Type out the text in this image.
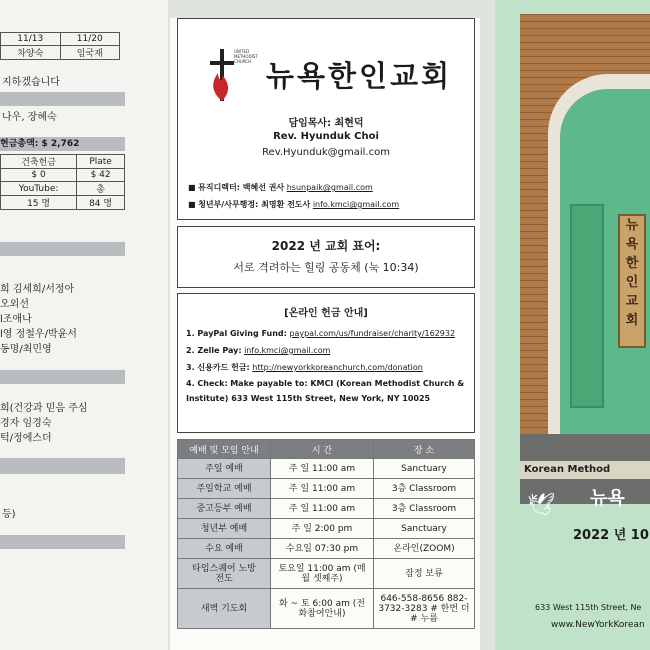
11/13	11/20
차양숙	임국재
지하겠습니다
나우, 장혜숙
현금총액: $ 2,762
건축헌금	Plate
$ 0	$ 42
YouTube:	총
15 명	84 명
희 김세희/서정아
오외선
l조애나
l영 정철우/박윤서
동명/최민영
희(건강과 믿음 주심
경자 임경숙
턱/정에스더
등)
UNITED METHODIST CHURCH 뉴욕한인교회
담임목사: 최현덕
Rev. Hyunduk Choi
Rev.Hyunduk@gmail.com
■ 뮤직디렉터: 백혜선 권사 hsunpaik@gmail.com
■ 청년부/사무행정: 최명환 전도사 info.kmci@gmail.com
2022 년 교회 표어:
서로 격려하는 힐링 공동체 (눅 10:34)
[온라인 헌금 안내]
1. PayPal Giving Fund: paypal.com/us/fundraiser/charity/162932
2. Zelle Pay: info.kmci@gmail.com
3. 신용카드 헌금: http://newyorkkoreanchurch.com/donation
4. Check: Make payable to: KMCI (Korean Methodist Church & Institute) 633 West 115th Street, New York, NY 10025
예배 및 모임 안내	시 간	장 소
주일 예배	주 일 11:00 am	Sanctuary
주일학교 예배	주 일 11:00 am	3층 Classroom
중고등부 예배	주 일 11:00 am	3층 Classroom
청년부 예배	주 일 2:00 pm	Sanctuary
수요 예배	수요일 07:30 pm	온라인(ZOOM)
타임스퀘어 노방전도	토요일 11:00 am (매월 셋째주)	잠정 보류
새벽 기도회	화 ~ 토 6:00 am (전화참여안내)	646-558-8656 882-3732-3283 # 한번 더 # 누름
뉴욕한인교회
Korean Method
뉴욕
🕊
2022 년 10
633 West 115th Street, Ne
www.NewYorkKorean
